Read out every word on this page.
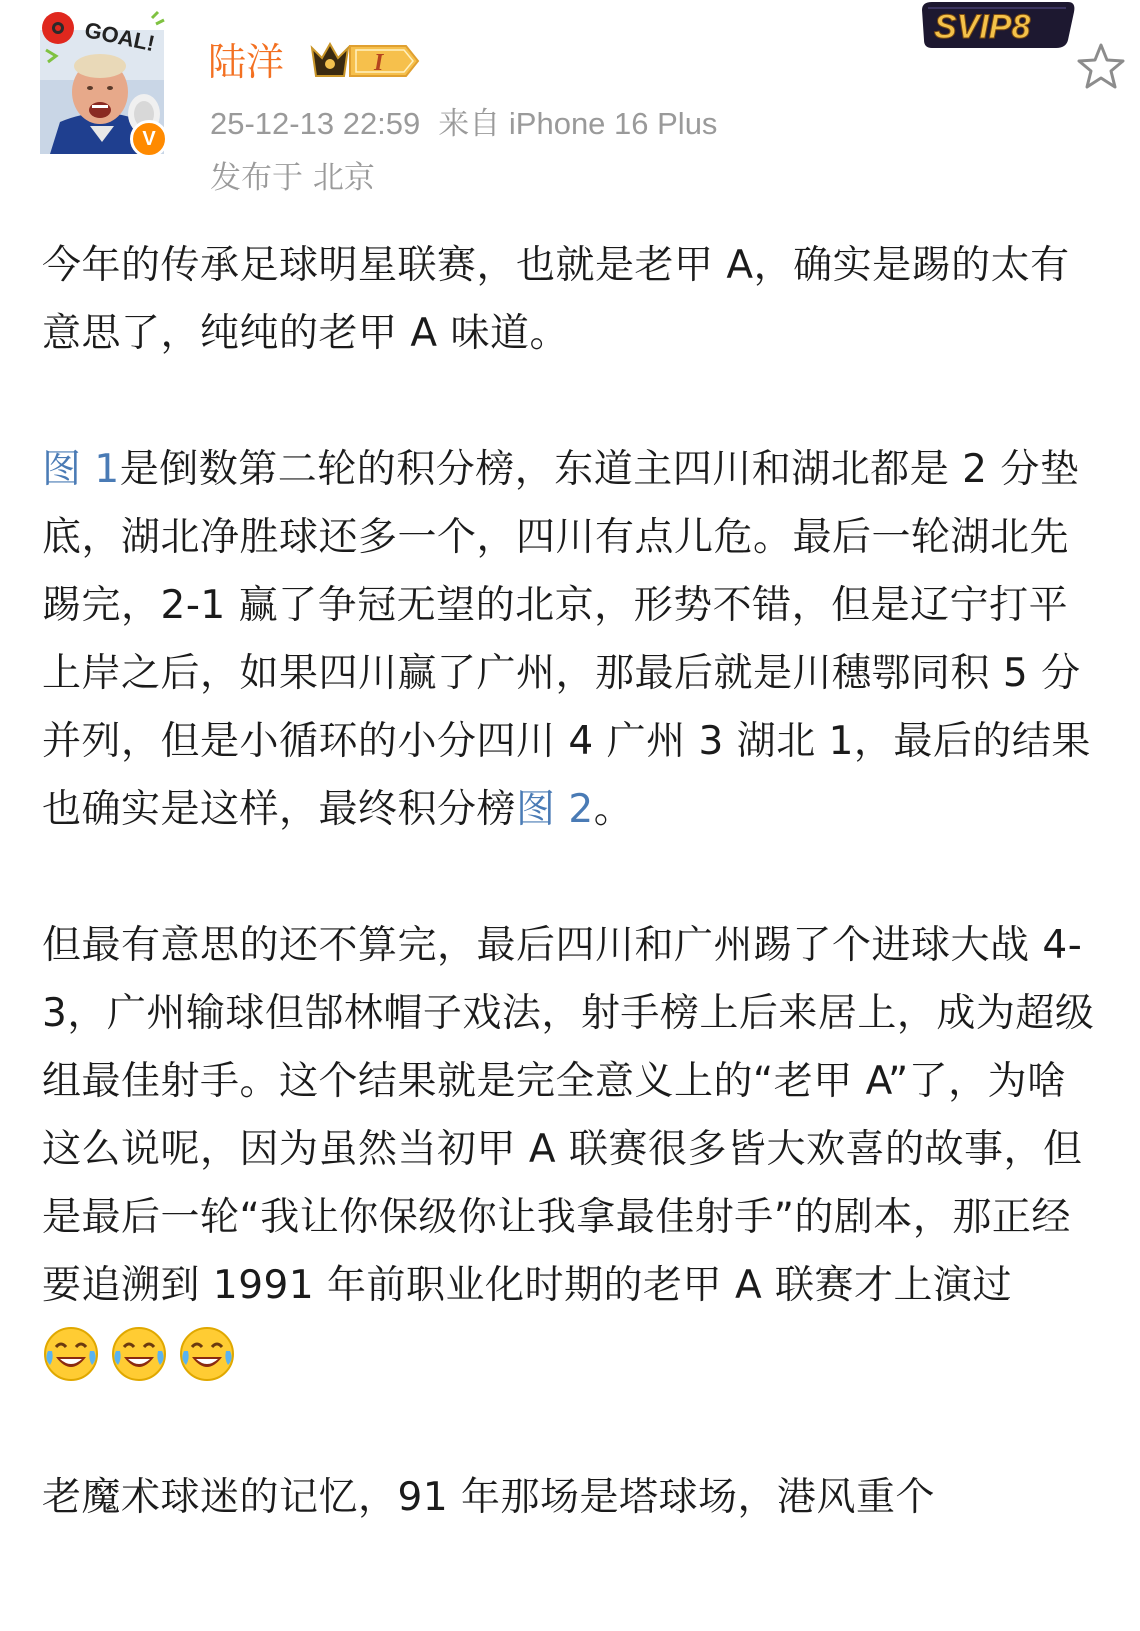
GOAL!
V
陆洋	I
25-12-13 22:59 来自 iPhone 16 Plus
发布于 北京
SVIP8

今年的传承足球明星联赛，也就是老甲 A，确实是踢的太有意思了，纯纯的老甲 A 味道。

图 1是倒数第二轮的积分榜，东道主四川和湖北都是 2 分垫底，湖北净胜球还多一个，四川有点儿危。最后一轮湖北先踢完，2-1 赢了争冠无望的北京，形势不错，但是辽宁打平上岸之后，如果四川赢了广州，那最后就是川穗鄂同积 5 分并列，但是小循环的小分四川 4 广州 3 湖北 1，最后的结果也确实是这样，最终积分榜图 2。

但最有意思的还不算完，最后四川和广州踢了个进球大战 4-3，广州输球但郜林帽子戏法，射手榜上后来居上，成为超级组最佳射手。这个结果就是完全意义上的“老甲 A”了，为啥这么说呢，因为虽然当初甲 A 联赛很多皆大欢喜的故事，但是最后一轮“我让你保级你让我拿最佳射手”的剧本，那正经要追溯到 1991 年前职业化时期的老甲 A 联赛才上演过

老魔术球迷的记忆，91 年那场是塔球场，港风重个
